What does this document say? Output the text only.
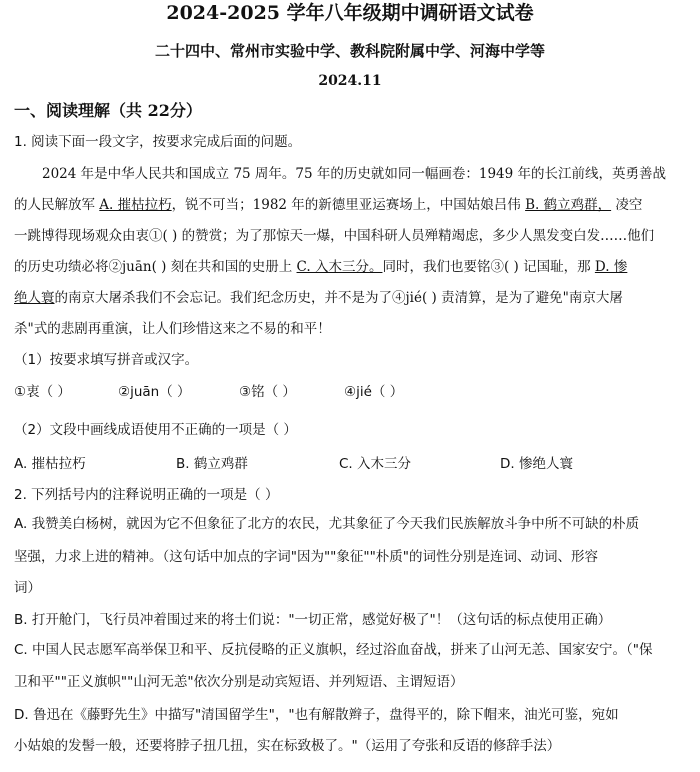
2024-2025 学年八年级期中调研语文试卷
二十四中、常州市实验中学、教科院附属中学、河海中学等
2024.11
一、阅读理解（共 22分）
1. 阅读下面一段文字，按要求完成后面的问题。
2024 年是中华人民共和国成立 75 周年。75 年的历史就如同一幅画卷：1949 年的长江前线，英勇善战
的人民解放军 A. 摧枯拉朽，锐不可当；1982 年的新德里亚运赛场上，中国姑娘吕伟 B. 鹤立鸡群， 凌空
一跳博得现场观众由衷①( ) 的赞赏；为了那惊天一爆，中国科研人员殚精竭虑，多少人黑发变白发……他们
的历史功绩必将②juān( ) 刻在共和国的史册上 C. 入木三分。同时，我们也要铭③( ) 记国耻，那 D. 惨
绝人寰的南京大屠杀我们不会忘记。我们纪念历史，并不是为了④jié( ) 责清算，是为了避免"南京大屠
杀"式的悲剧再重演，让人们珍惜这来之不易的和平！
（1）按要求填写拼音或汉字。
①衷（ ）	②juān（ ）	③铭（ ）	④jié（ ）
（2）文段中画线成语使用不正确的一项是（ ）
A. 摧枯拉朽	B. 鹤立鸡群	C. 入木三分	D. 惨绝人寰
2. 下列括号内的注释说明正确的一项是（ ）
A. 我赞美白杨树，就因为它不但象征了北方的农民，尤其象征了今天我们民族解放斗争中所不可缺的朴质
坚强，力求上进的精神。（这句话中加点的字词"因为""象征""朴质"的词性分别是连词、动词、形容
词）
B. 打开舱门，飞行员冲着围过来的将士们说："一切正常，感觉好极了"！（这句话的标点使用正确）
C. 中国人民志愿军高举保卫和平、反抗侵略的正义旗帜，经过浴血奋战，拼来了山河无恙、国家安宁。（"保
卫和平""正义旗帜""山河无恙"依次分别是动宾短语、并列短语、主谓短语）
D. 鲁迅在《藤野先生》中描写"清国留学生"，"也有解散辫子，盘得平的，除下帽来，油光可鉴，宛如
小姑娘的发髻一般，还要将脖子扭几扭，实在标致极了。"（运用了夸张和反语的修辞手法）
